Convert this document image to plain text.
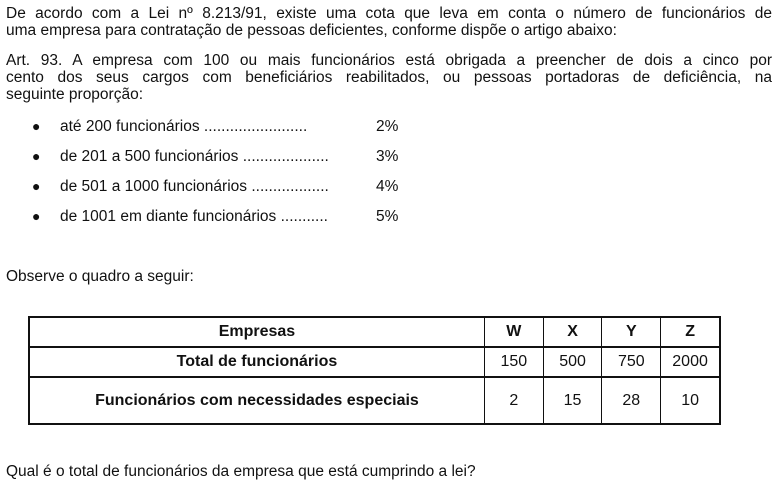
De acordo com a Lei nº 8.213/91, existe uma cota que leva em conta o número de funcionários de
uma empresa para contratação de pessoas deficientes, conforme dispõe o artigo abaixo:
Art. 93. A empresa com 100 ou mais funcionários está obrigada a preencher de dois a cinco por
cento dos seus cargos com beneficiários reabilitados, ou pessoas portadoras de deficiência, na
seguinte proporção:
● até 200 funcionários ........................	2%
● de 201 a 500 funcionários ....................	3%
● de 501 a 1000 funcionários ..................	4%
● de 1001 em diante funcionários ...........	5%
Observe o quadro a seguir:
Empresas	W	X	Y	Z
Total de funcionários	150	500	750	2000
Funcionários com necessidades especiais	2	15	28	10
Qual é o total de funcionários da empresa que está cumprindo a lei?
